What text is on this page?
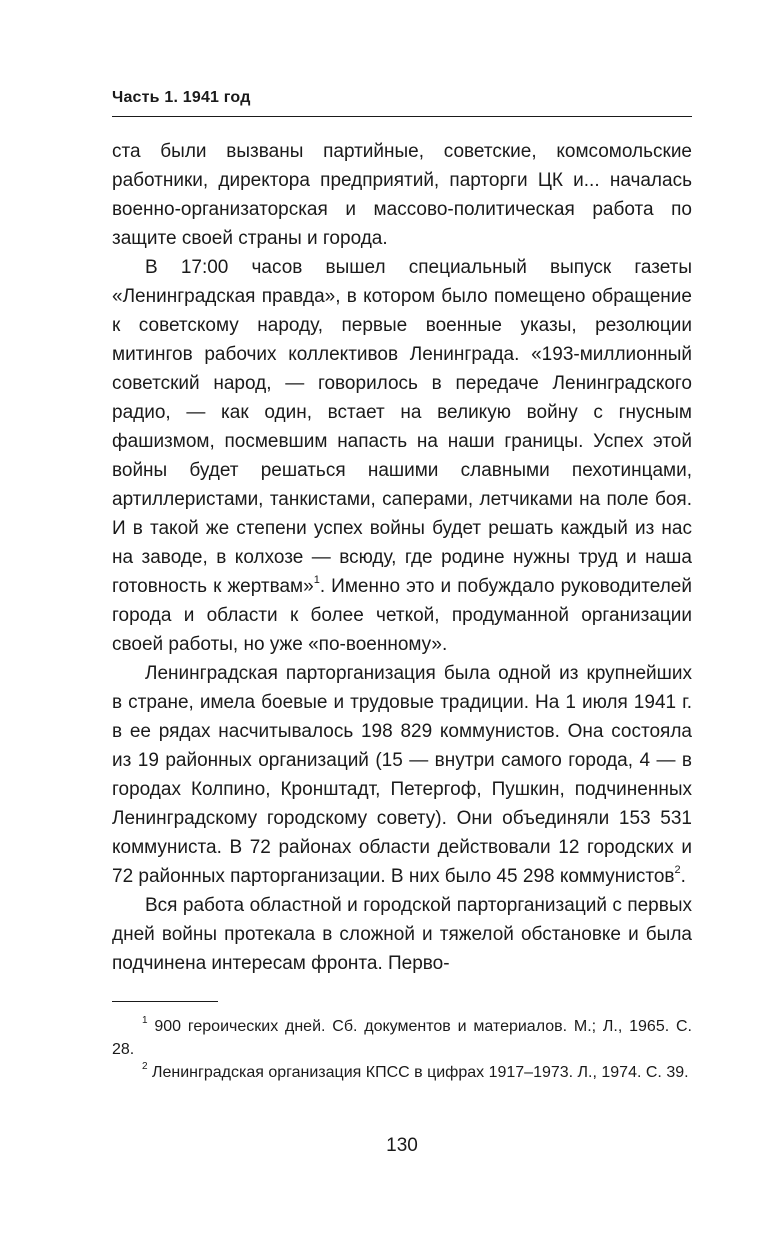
Часть 1. 1941 год

ста были вызваны партийные, советские, комсомольские работники, директора предприятий, парторги ЦК и... началась военно-организаторская и массово-политическая работа по защите своей страны и города.

В 17:00 часов вышел специальный выпуск газеты «Ленинградская правда», в котором было помещено обращение к советскому народу, первые военные указы, резолюции митингов рабочих коллективов Ленинграда. «193-миллионный советский народ, — говорилось в передаче Ленинградского радио, — как один, встает на великую войну с гнусным фашизмом, посмевшим напасть на наши границы. Успех этой войны будет решаться нашими славными пехотинцами, артиллеристами, танкистами, саперами, летчиками на поле боя. И в такой же степени успех войны будет решать каждый из нас на заводе, в колхозе — всюду, где родине нужны труд и наша готовность к жертвам»$^1$. Именно это и побуждало руководителей города и области к более четкой, продуманной организации своей работы, но уже «по-военному».

Ленинградская парторганизация была одной из крупнейших в стране, имела боевые и трудовые традиции. На 1 июля 1941 г. в ее рядах насчитывалось 198 829 коммунистов. Она состояла из 19 районных организаций (15 — внутри самого города, 4 — в городах Колпино, Кронштадт, Петергоф, Пушкин, подчиненных Ленинградскому городскому совету). Они объединяли 153 531 коммуниста. В 72 районах области действовали 12 городских и 72 районных парторганизации. В них было 45 298 коммунистов$^2$.

Вся работа областной и городской парторганизаций с первых дней войны протекала в сложной и тяжелой обстановке и была подчинена интересам фронта. Перво-

$^1$ 900 героических дней. Сб. документов и материалов. М.; Л., 1965. С. 28.

$^2$ Ленинградская организация КПСС в цифрах 1917–1973. Л., 1974. С. 39.

130
